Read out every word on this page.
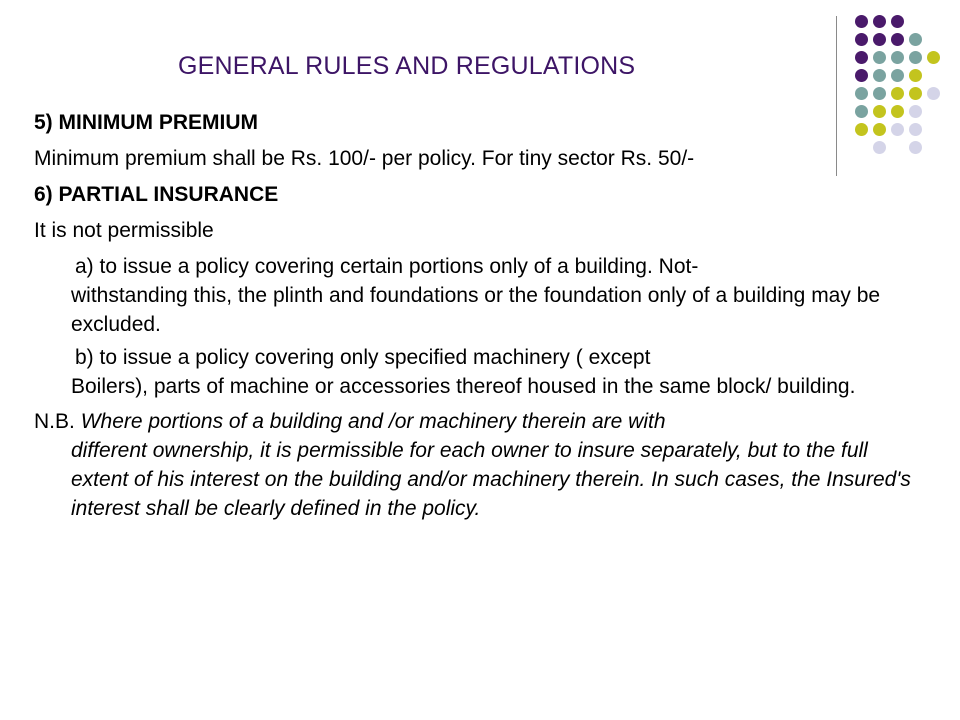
GENERAL RULES AND REGULATIONS

5) MINIMUM PREMIUM

Minimum premium shall be Rs. 100/- per policy. For tiny sector Rs. 50/-

6) PARTIAL INSURANCE

It is not permissible

a) to issue a policy covering certain portions only of a building. Not-
withstanding this, the plinth and foundations or the foundation only of a building may be excluded.
b) to issue a policy covering only specified machinery ( except
Boilers), parts of machine or accessories thereof housed in the same block/ building.
N.B. Where portions of a building and /or machinery therein are with
different ownership, it is permissible for each owner to insure separately, but to the full extent of his interest on the building and/or machinery therein. In such cases, the Insured's interest shall be clearly defined in the policy.
